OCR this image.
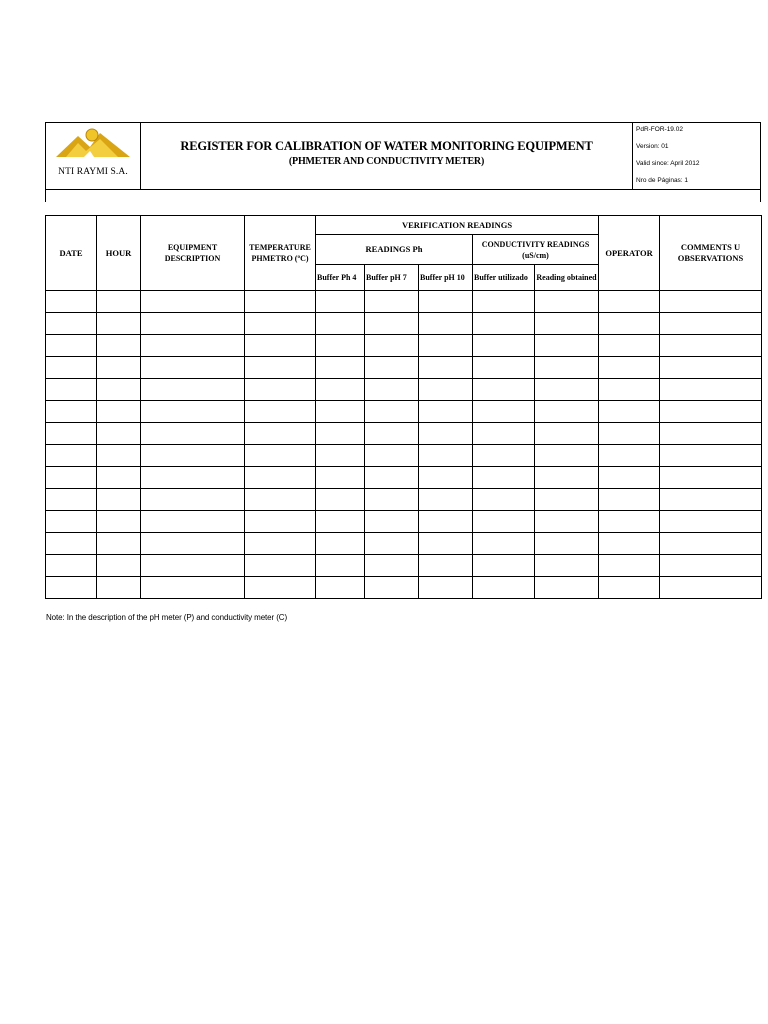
NTI RAYMI S.A.
REGISTER FOR CALIBRATION OF WATER MONITORING EQUIPMENT
(PHMETER AND CONDUCTIVITY METER)
PdR-FOR-19.02
Version: 01
Valid since: April 2012
Nro de Páginas: 1
DATE	HOUR	EQUIPMENT DESCRIPTION	TEMPERATURE PHMETRO (ºC)	VERIFICATION READINGS					OPERATOR	COMMENTS U OBSERVATIONS
				READINGS Ph			CONDUCTIVITY READINGS (uS/cm)			
				Buffer Ph 4	Buffer pH 7	Buffer pH 10	Buffer utilizado	Reading obtained		

Note: In the description of the pH meter (P) and conductivity meter (C)
